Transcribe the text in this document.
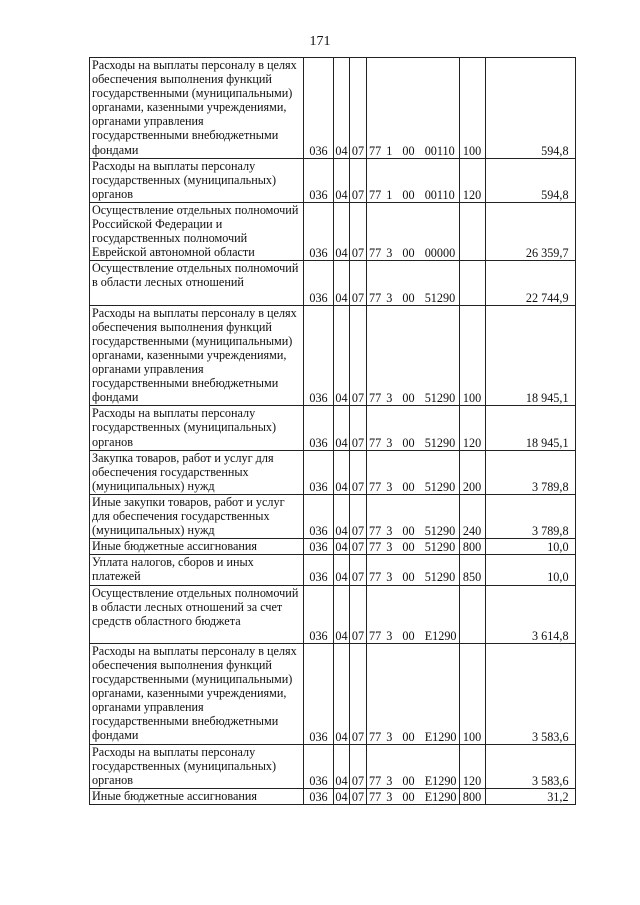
171
Расходы на выплаты персоналу в целях обеспечения выполнения функций государственными (муниципальными) органами, казенными учреждениями, органами управления государственными внебюджетными фондами	036	04	07	77 1  00  00110	100	594,8
Расходы на выплаты персоналу государственных (муниципальных) органов	036	04	07	77 1  00  00110	120	594,8
Осуществление отдельных полномочий Российской Федерации и государственных полномочий Еврейской автономной области	036	04	07	77 3  00  00000		26 359,7
Осуществление отдельных полномочий в области лесных отношений	036	04	07	77 3  00  51290		22 744,9
Расходы на выплаты персоналу в целях обеспечения выполнения функций государственными (муниципальными) органами, казенными учреждениями, органами управления государственными внебюджетными фондами	036	04	07	77 3  00  51290	100	18 945,1
Расходы на выплаты персоналу государственных (муниципальных) органов	036	04	07	77 3  00  51290	120	18 945,1
Закупка товаров, работ и услуг для обеспечения государственных (муниципальных) нужд	036	04	07	77 3  00  51290	200	3 789,8
Иные закупки товаров, работ и услуг для обеспечения государственных (муниципальных) нужд	036	04	07	77 3  00  51290	240	3 789,8
Иные бюджетные ассигнования	036	04	07	77 3  00  51290	800	10,0
Уплата налогов, сборов и иных платежей	036	04	07	77 3  00  51290	850	10,0
Осуществление отдельных полномочий в области лесных отношений за счет средств областного бюджета	036	04	07	77 3  00  Е1290		3 614,8
Расходы на выплаты персоналу в целях обеспечения выполнения функций государственными (муниципальными) органами, казенными учреждениями, органами управления государственными внебюджетными фондами	036	04	07	77 3  00  Е1290	100	3 583,6
Расходы на выплаты персоналу государственных (муниципальных) органов	036	04	07	77 3  00  Е1290	120	3 583,6
Иные бюджетные ассигнования	036	04	07	77 3  00  Е1290	800	31,2
